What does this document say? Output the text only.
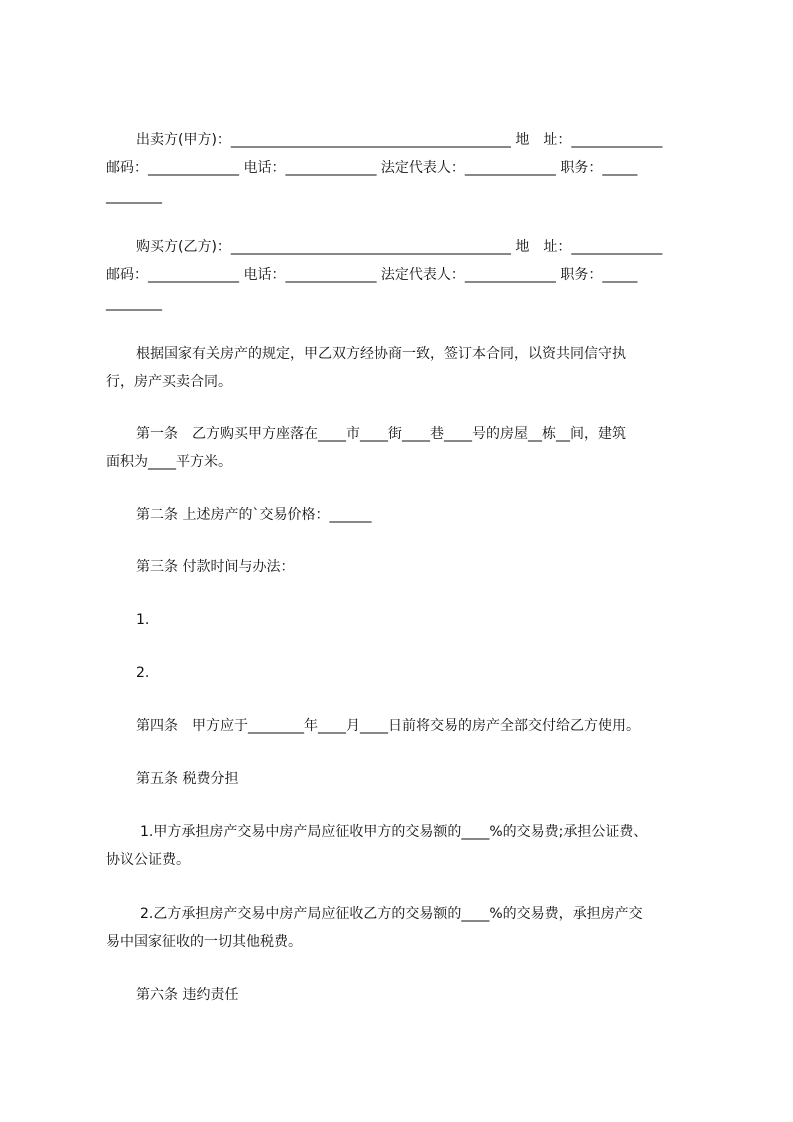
出卖方(甲方)：________________________________________ 地　址：_____________
邮码：_____________ 电话：_____________ 法定代表人：_____________ 职务：_____
________
购买方(乙方)：________________________________________ 地　址：_____________
邮码：_____________ 电话：_____________ 法定代表人：_____________ 职务：_____
________
根据国家有关房产的规定，甲乙双方经协商一致，签订本合同，以资共同信守执
行，房产买卖合同。
第一条　乙方购买甲方座落在____市____街____巷____号的房屋__栋__间，建筑
面积为____平方米。
第二条 上述房产的`交易价格：______
第三条 付款时间与办法：
1.
2.
第四条　甲方应于________年____月____日前将交易的房产全部交付给乙方使用。
第五条 税费分担
1.甲方承担房产交易中房产局应征收甲方的交易额的____%的交易费;承担公证费、
协议公证费。
2.乙方承担房产交易中房产局应征收乙方的交易额的____%的交易费，承担房产交
易中国家征收的一切其他税费。
第六条 违约责任
